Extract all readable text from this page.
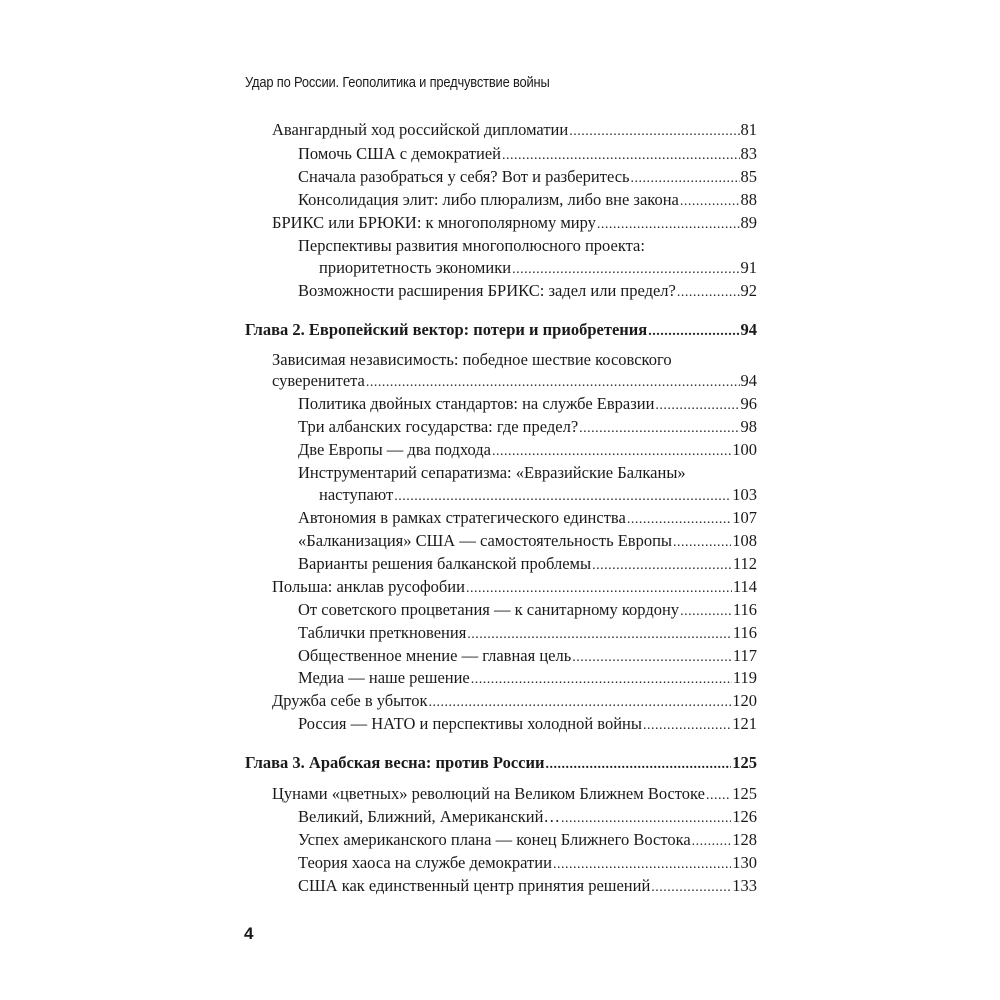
Удар по России. Геополитика и предчувствие войны
Авангардный ход российской дипломатии .....	81
Помочь США с демократией .....	83
Сначала разобраться у себя? Вот и разберитесь .....	85
Консолидация элит: либо плюрализм, либо вне закона .....	88
БРИКС или БРЮКИ: к многополярному миру .....	89
Перспективы развития многополюсного проекта:
приоритетность экономики .....	91
Возможности расширения БРИКС: задел или предел? .....	92
Глава 2. Европейский вектор: потери и приобретения .....	94
Зависимая независимость: победное шествие косовского
суверенитета .....	94
Политика двойных стандартов: на службе Евразии .....	96
Три албанских государства: где предел? .....	98
Две Европы — два подхода .....	100
Инструментарий сепаратизма: «Евразийские Балканы»
наступают .....	103
Автономия в рамках стратегического единства .....	107
«Балканизация» США — самостоятельность Европы .....	108
Варианты решения балканской проблемы .....	112
Польша: анклав русофобии .....	114
От советского процветания — к санитарному кордону .....	116
Таблички преткновения .....	116
Общественное мнение — главная цель .....	117
Медиа — наше решение .....	119
Дружба себе в убыток .....	120
Россия — НАТО и перспективы холодной войны .....	121
Глава 3. Арабская весна: против России .....	125
Цунами «цветных» революций на Великом Ближнем Востоке ..... 125
Великий, Ближний, Американский… .....	126
Успех американского плана — конец Ближнего Востока .....	128
Теория хаоса на службе демократии .....	130
США как единственный центр принятия решений .....	133
4
